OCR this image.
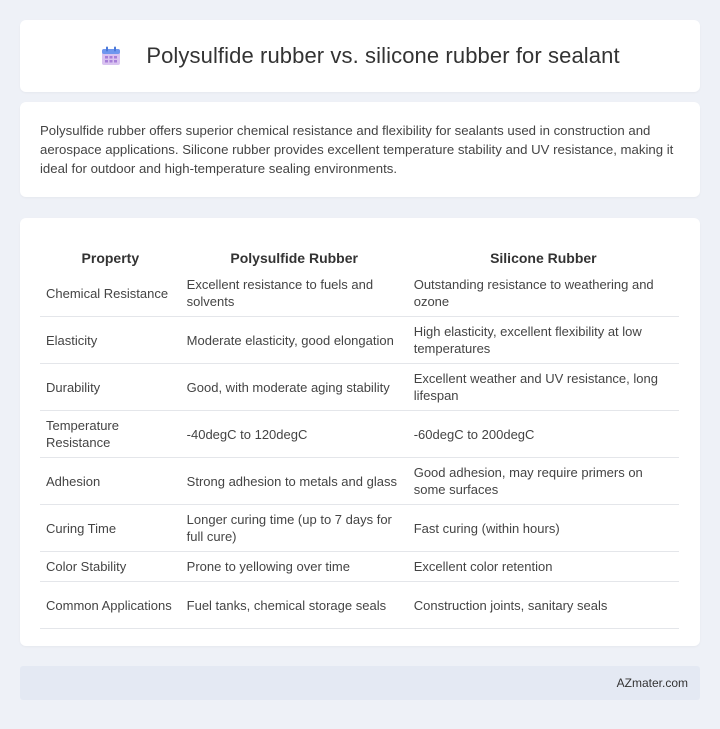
Polysulfide rubber vs. silicone rubber for sealant

Polysulfide rubber offers superior chemical resistance and flexibility for sealants used in construction and aerospace applications. Silicone rubber provides excellent temperature stability and UV resistance, making it ideal for outdoor and high-temperature sealing environments.

Property	Polysulfide Rubber	Silicone Rubber
Chemical Resistance	Excellent resistance to fuels and solvents	Outstanding resistance to weathering and ozone
Elasticity	Moderate elasticity, good elongation	High elasticity, excellent flexibility at low temperatures
Durability	Good, with moderate aging stability	Excellent weather and UV resistance, long lifespan
Temperature Resistance	-40degC to 120degC	-60degC to 200degC
Adhesion	Strong adhesion to metals and glass	Good adhesion, may require primers on some surfaces
Curing Time	Longer curing time (up to 7 days for full cure)	Fast curing (within hours)
Color Stability	Prone to yellowing over time	Excellent color retention
Common Applications	Fuel tanks, chemical storage seals	Construction joints, sanitary seals
AZmater.com
